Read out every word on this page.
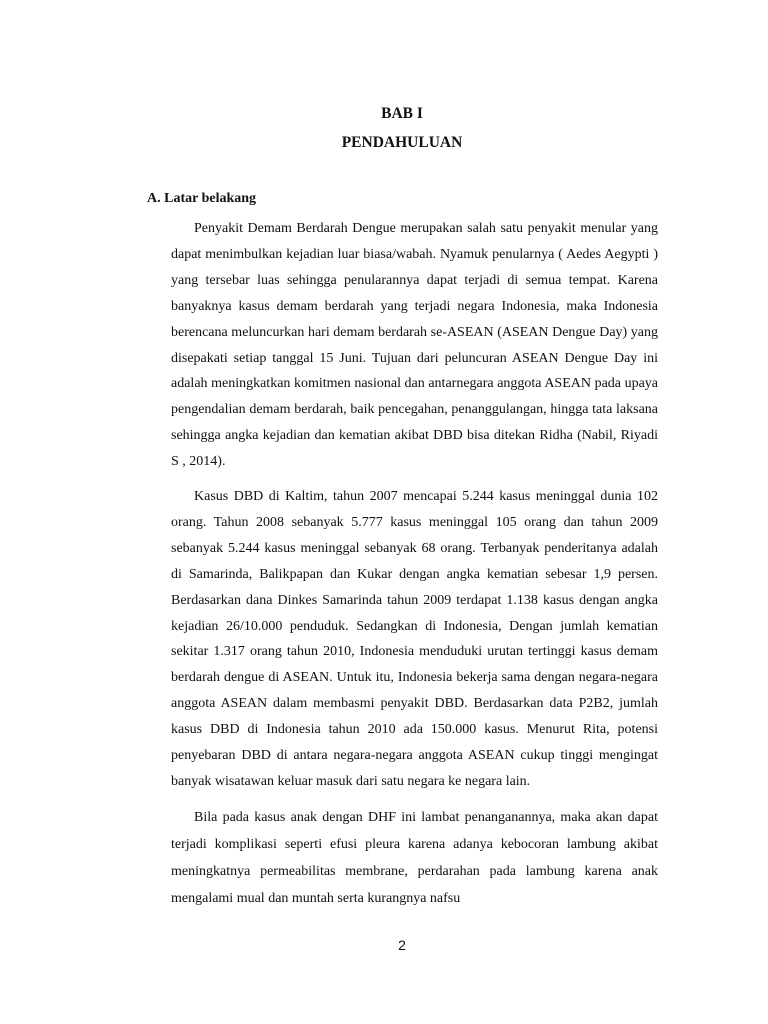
BAB I
PENDAHULUAN
A. Latar belakang

Penyakit Demam Berdarah Dengue merupakan salah satu penyakit menular yang dapat menimbulkan kejadian luar biasa/wabah. Nyamuk penularnya ( Aedes Aegypti ) yang tersebar luas sehingga penularannya dapat terjadi di semua tempat. Karena banyaknya kasus demam berdarah yang terjadi negara Indonesia, maka Indonesia berencana meluncurkan hari demam berdarah se-ASEAN (ASEAN Dengue Day) yang disepakati setiap tanggal 15 Juni. Tujuan dari peluncuran ASEAN Dengue Day ini adalah meningkatkan komitmen nasional dan antarnegara anggota ASEAN pada upaya pengendalian demam berdarah, baik pencegahan, penanggulangan, hingga tata laksana sehingga angka kejadian dan kematian akibat DBD bisa ditekan Ridha (Nabil, Riyadi S , 2014).

Kasus DBD di Kaltim, tahun 2007 mencapai 5.244 kasus meninggal dunia 102 orang. Tahun 2008 sebanyak 5.777 kasus meninggal 105 orang dan tahun 2009 sebanyak 5.244 kasus meninggal sebanyak 68 orang. Terbanyak penderitanya adalah di Samarinda, Balikpapan dan Kukar dengan angka kematian sebesar 1,9 persen. Berdasarkan dana Dinkes Samarinda tahun 2009 terdapat 1.138 kasus dengan angka kejadian 26/10.000 penduduk. Sedangkan di Indonesia, Dengan jumlah kematian sekitar 1.317 orang tahun 2010, Indonesia menduduki urutan tertinggi kasus demam berdarah dengue di ASEAN. Untuk itu, Indonesia bekerja sama dengan negara-negara anggota ASEAN dalam membasmi penyakit DBD. Berdasarkan data P2B2, jumlah kasus DBD di Indonesia tahun 2010 ada 150.000 kasus. Menurut Rita, potensi penyebaran DBD di antara negara-negara anggota ASEAN cukup tinggi mengingat banyak wisatawan keluar masuk dari satu negara ke negara lain.

Bila pada kasus anak dengan DHF ini lambat penanganannya, maka akan dapat terjadi komplikasi seperti efusi pleura karena adanya kebocoran lambung akibat meningkatnya permeabilitas membrane, perdarahan pada lambung karena anak mengalami mual dan muntah serta kurangnya nafsu

2
